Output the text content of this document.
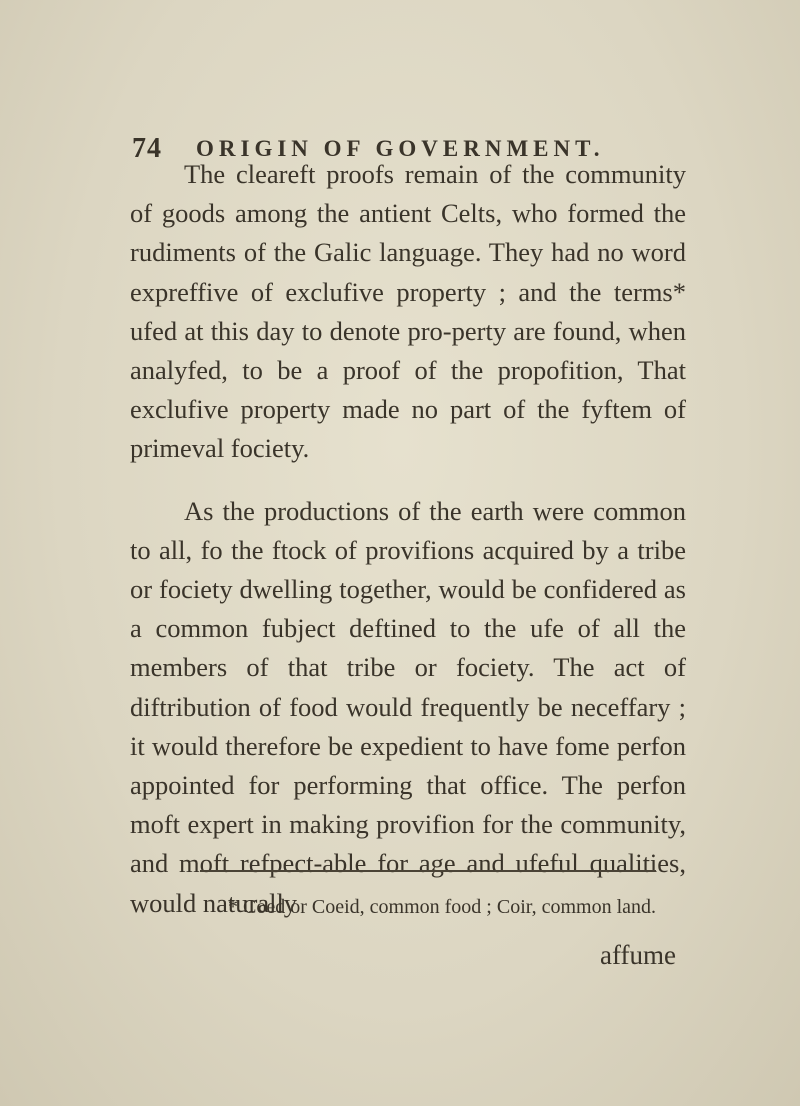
74 ORIGIN OF GOVERNMENT.

The cleareft proofs remain of the community of goods among the antient Celts, who formed the rudiments of the Galic language. They had no word expreffive of exclufive property ; and the terms* ufed at this day to denote pro-perty are found, when analyfed, to be a proof of the propofition, That exclufive property made no part of the fyftem of primeval fociety.

As the productions of the earth were common to all, fo the ftock of provifions acquired by a tribe or fociety dwelling together, would be confidered as a common fubject deftined to the ufe of all the members of that tribe or fociety. The act of diftribution of food would frequently be neceffary ; it would therefore be expedient to have fome perfon appointed for performing that office. The perfon moft expert in making provifion for the community, and moft refpect-able for age and ufeful qualities, would naturally

* Coed or Coeid, common food ; Coir, common land.
affume
